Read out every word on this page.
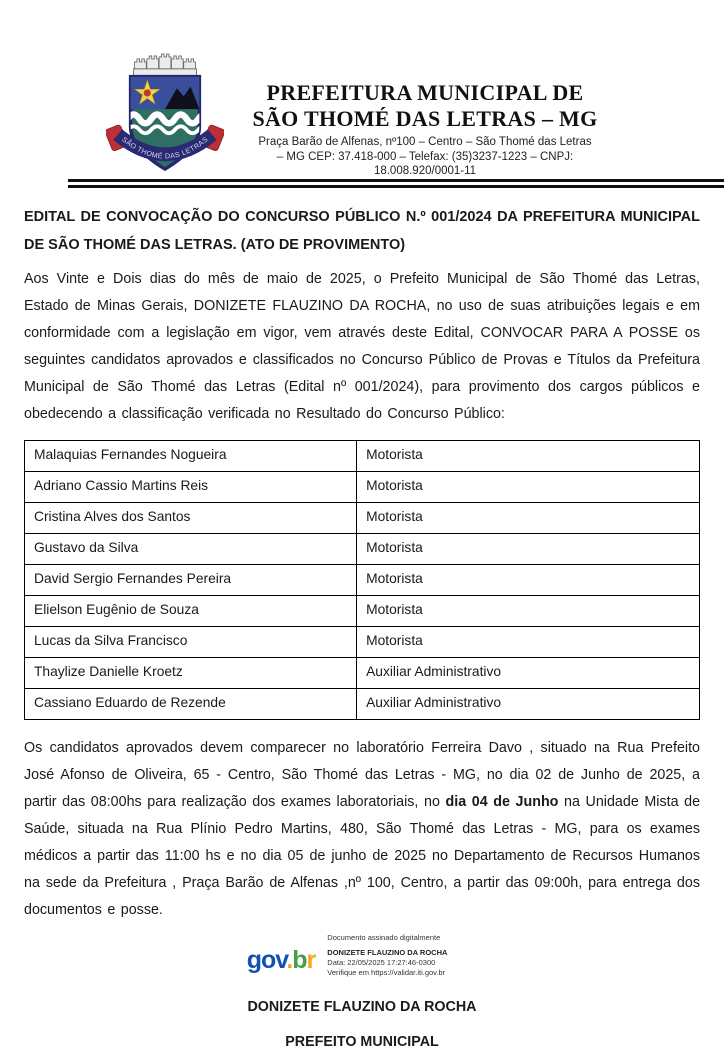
SÃO THOMÉ DAS LETRAS
PREFEITURA MUNICIPAL DE
SÃO THOMÉ DAS LETRAS – MG
Praça Barão de Alfenas, nº100 – Centro – São Thomé das Letras
– MG CEP: 37.418-000 – Telefax: (35)3237-1223 – CNPJ:
18.008.920/0001-11
EDITAL DE CONVOCAÇÃO DO CONCURSO PÚBLICO N.º 001/2024 DA PREFEITURA MUNICIPAL DE SÃO THOMÉ DAS LETRAS. (ATO DE PROVIMENTO)
Aos Vinte e Dois dias do mês de maio de 2025, o Prefeito Municipal de São Thomé das Letras, Estado de Minas Gerais, DONIZETE FLAUZINO DA ROCHA, no uso de suas atribuições legais e em conformidade com a legislação em vigor, vem através deste Edital, CONVOCAR PARA A POSSE os seguintes candidatos aprovados e classificados no Concurso Público de Provas e Títulos da Prefeitura Municipal de São Thomé das Letras (Edital nº 001/2024), para provimento dos cargos públicos e obedecendo a classificação verificada no Resultado do Concurso Público:
Malaquias Fernandes Nogueira	Motorista
Adriano Cassio Martins Reis	Motorista
Cristina Alves dos Santos	Motorista
Gustavo da Silva	Motorista
David Sergio Fernandes Pereira	Motorista
Elielson Eugênio de Souza	Motorista
Lucas da Silva Francisco	Motorista
Thaylize Danielle Kroetz	Auxiliar Administrativo
Cassiano Eduardo de Rezende	Auxiliar Administrativo
Os candidatos aprovados devem comparecer no laboratório Ferreira Davo , situado na Rua Prefeito José Afonso de Oliveira, 65 - Centro, São Thomé das Letras - MG, no dia 02 de Junho de 2025, a partir das 08:00hs para realização dos exames laboratoriais, no dia 04 de Junho na Unidade Mista de Saúde, situada na Rua Plínio Pedro Martins, 480, São Thomé das Letras - MG, para os exames médicos a partir das 11:00 hs e no dia 05 de junho de 2025 no Departamento de Recursos Humanos na sede da Prefeitura , Praça Barão de Alfenas ,nº 100, Centro, a partir das 09:00h, para entrega dos documentos e posse.
gov.br
Documento assinado digitalmente
DONIZETE FLAUZINO DA ROCHA
Data: 22/05/2025 17:27:46-0300
Verifique em https://validar.iti.gov.br
DONIZETE FLAUZINO DA ROCHA
PREFEITO MUNICIPAL
